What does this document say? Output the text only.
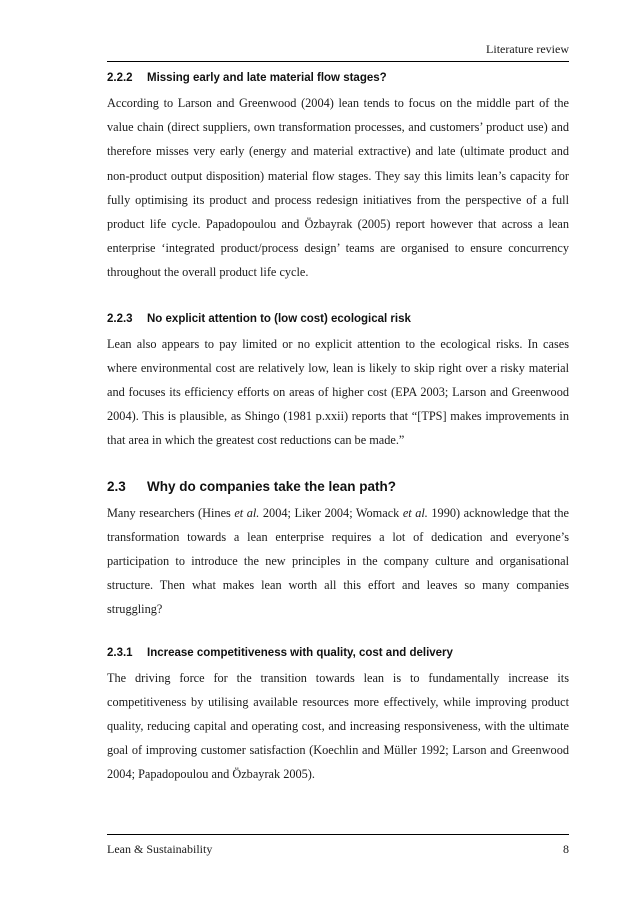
Literature review
2.2.2 Missing early and late material flow stages?

According to Larson and Greenwood (2004) lean tends to focus on the middle part of the value chain (direct suppliers, own transformation processes, and customers’ product use) and therefore misses very early (energy and material extractive) and late (ultimate product and non-product output disposition) material flow stages. They say this limits lean’s capacity for fully optimising its product and process redesign initiatives from the perspective of a full product life cycle. Papadopoulou and Özbayrak (2005) report however that across a lean enterprise ‘integrated product/process design’ teams are organised to ensure concurrency throughout the overall product life cycle.

2.2.3 No explicit attention to (low cost) ecological risk

Lean also appears to pay limited or no explicit attention to the ecological risks. In cases where environmental cost are relatively low, lean is likely to skip right over a risky material and focuses its efficiency efforts on areas of higher cost (EPA 2003; Larson and Greenwood 2004). This is plausible, as Shingo (1981 p.xxii) reports that “[TPS] makes improvements in that area in which the greatest cost reductions can be made.”

2.3 Why do companies take the lean path?

Many researchers (Hines et al. 2004; Liker 2004; Womack et al. 1990) acknowledge that the transformation towards a lean enterprise requires a lot of dedication and everyone’s participation to introduce the new principles in the company culture and organisational structure. Then what makes lean worth all this effort and leaves so many companies struggling?

2.3.1 Increase competitiveness with quality, cost and delivery

The driving force for the transition towards lean is to fundamentally increase its competitiveness by utilising available resources more effectively, while improving product quality, reducing capital and operating cost, and increasing responsiveness, with the ultimate goal of improving customer satisfaction (Koechlin and Müller 1992; Larson and Greenwood 2004; Papadopoulou and Özbayrak 2005).

Lean & Sustainability	8
